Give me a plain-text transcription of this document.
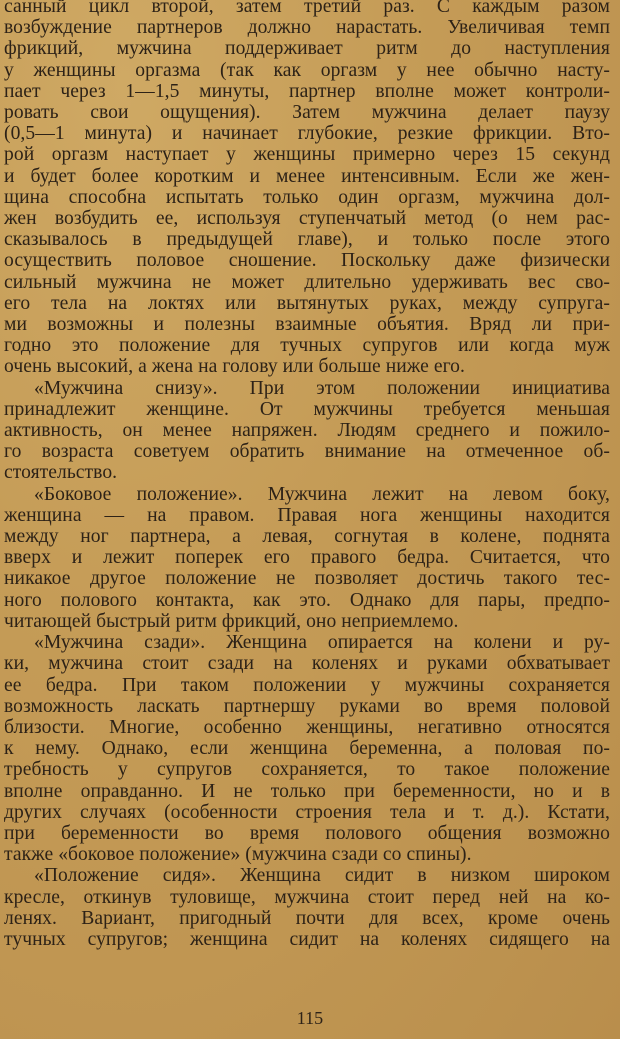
санный цикл второй, затем третий раз. С каждым разом
возбуждение партнеров должно нарастать. Увеличивая темп
фрикций, мужчина поддерживает ритм до наступления
у женщины оргазма (так как оргазм у нее обычно насту-
пает через 1—1,5 минуты, партнер вполне может контроли-
ровать свои ощущения). Затем мужчина делает паузу
(0,5—1 минута) и начинает глубокие, резкие фрикции. Вто-
рой оргазм наступает у женщины примерно через 15 секунд
и будет более коротким и менее интенсивным. Если же жен-
щина способна испытать только один оргазм, мужчина дол-
жен возбудить ее, используя ступенчатый метод (о нем рас-
сказывалось в предыдущей главе), и только после этого
осуществить половое сношение. Поскольку даже физически
сильный мужчина не может длительно удерживать вес сво-
его тела на локтях или вытянутых руках, между супруга-
ми возможны и полезны взаимные объятия. Вряд ли при-
годно это положение для тучных супругов или когда муж
очень высокий, а жена на голову или больше ниже его.
«Мужчина снизу». При этом положении инициатива
принадлежит женщине. От мужчины требуется меньшая
активность, он менее напряжен. Людям среднего и пожило-
го возраста советуем обратить внимание на отмеченное об-
стоятельство.
«Боковое положение». Мужчина лежит на левом боку,
женщина — на правом. Правая нога женщины находится
между ног партнера, а левая, согнутая в колене, поднята
вверх и лежит поперек его правого бедра. Считается, что
никакое другое положение не позволяет достичь такого тес-
ного полового контакта, как это. Однако для пары, предпо-
читающей быстрый ритм фрикций, оно неприемлемо.
«Мужчина сзади». Женщина опирается на колени и ру-
ки, мужчина стоит сзади на коленях и руками обхватывает
ее бедра. При таком положении у мужчины сохраняется
возможность ласкать партнершу руками во время половой
близости. Многие, особенно женщины, негативно относятся
к нему. Однако, если женщина беременна, а половая по-
требность у супругов сохраняется, то такое положение
вполне оправданно. И не только при беременности, но и в
других случаях (особенности строения тела и т. д.). Кстати,
при беременности во время полового общения возможно
также «боковое положение» (мужчина сзади со спины).
«Положение сидя». Женщина сидит в низком широком
кресле, откинув туловище, мужчина стоит перед ней на ко-
ленях. Вариант, пригодный почти для всех, кроме очень
тучных супругов; женщина сидит на коленях сидящего на
115
